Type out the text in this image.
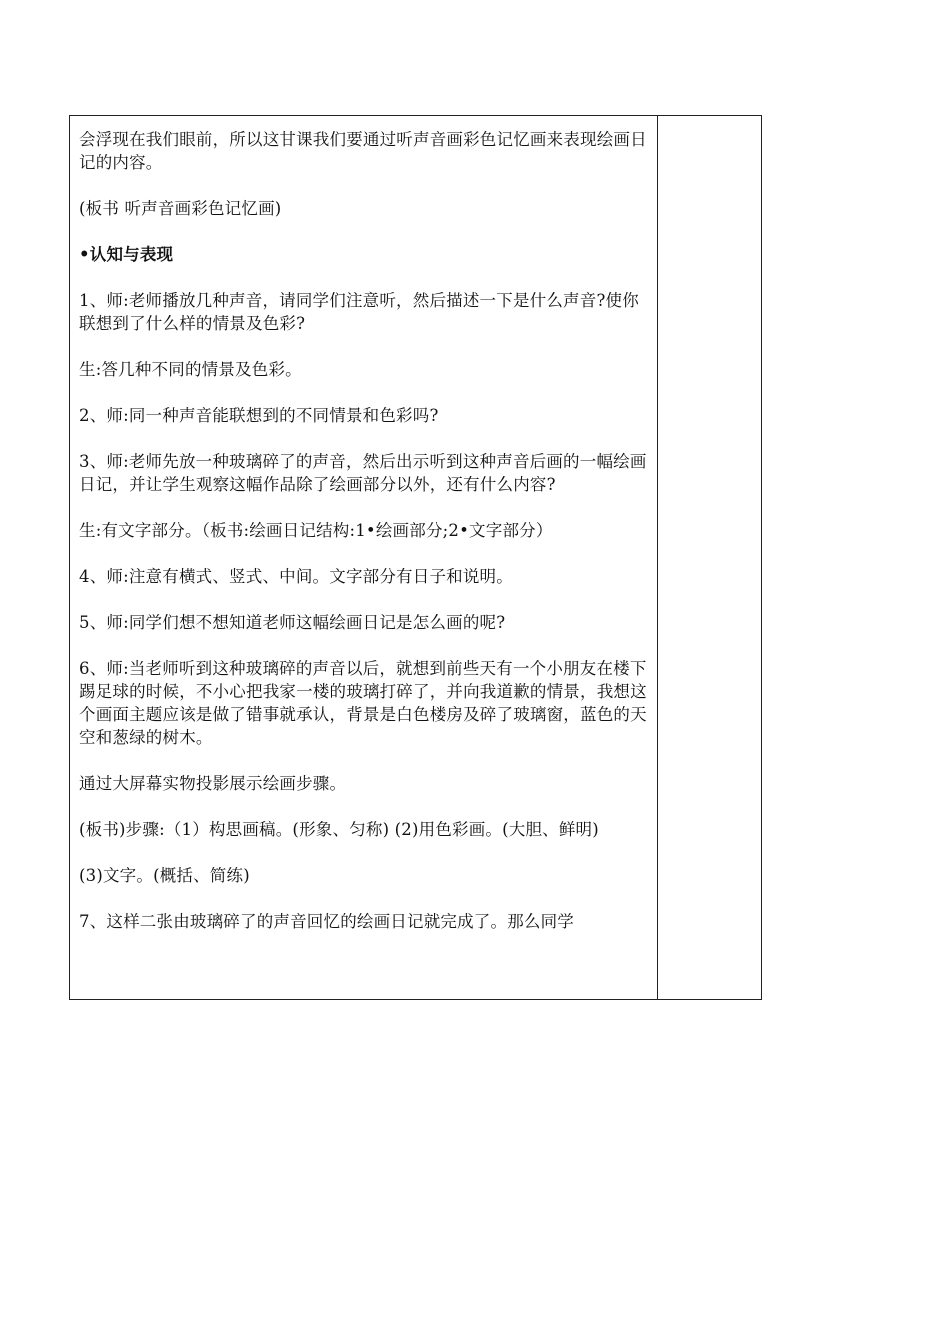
会浮现在我们眼前，所以这甘课我们要通过听声音画彩色记忆画来表现绘画日记的内容。

(板书 听声音画彩色记忆画)

•认知与表现

1、师:老师播放几种声音，请同学们注意听，然后描述一下是什么声音?使你联想到了什么样的情景及色彩?

生:答几种不同的情景及色彩。

2、师:同一种声音能联想到的不同情景和色彩吗?

3、师:老师先放一种玻璃碎了的声音，然后出示听到这种声音后画的一幅绘画日记，并让学生观察这幅作品除了绘画部分以外，还有什么内容?

生:有文字部分。（板书:绘画日记结构:1•绘画部分;2•文字部分）

4、师:注意有横式、竖式、中间。文字部分有日子和说明。

5、师:同学们想不想知道老师这幅绘画日记是怎么画的呢?

6、师:当老师听到这种玻璃碎的声音以后，就想到前些天有一个小朋友在楼下踢足球的时候，不小心把我家一楼的玻璃打碎了，并向我道歉的情景，我想这个画面主题应该是做了错事就承认，背景是白色楼房及碎了玻璃窗，蓝色的天空和葱绿的树木。

通过大屏幕实物投影展示绘画步骤。

(板书)步骤:（1）构思画稿。(形象、匀称) (2)用色彩画。(大胆、鲜明)

(3)文字。(概括、简练)

7、这样二张由玻璃碎了的声音回忆的绘画日记就完成了。那么同学
